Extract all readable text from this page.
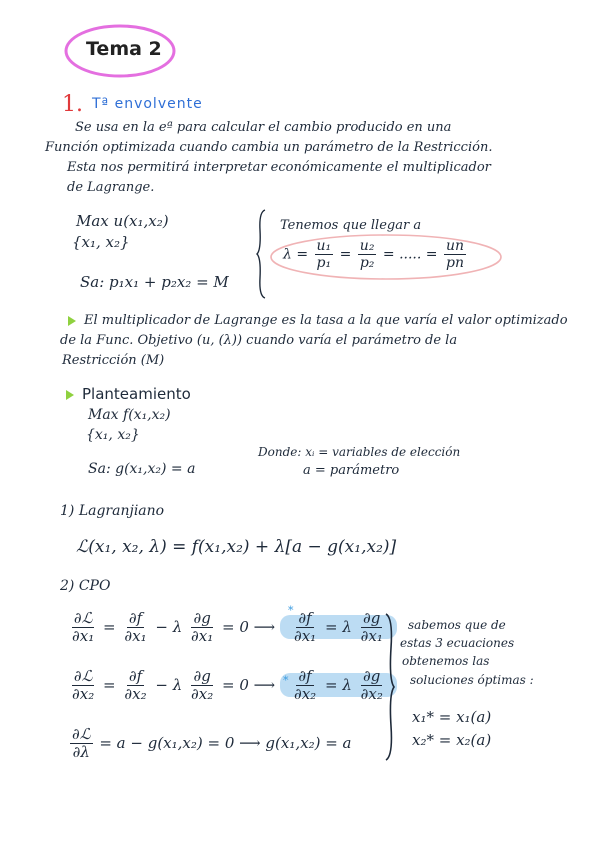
Tema 2
1. Tª envolvente
Se usa en la eª para calcular el cambio producido en una
Función optimizada cuando cambia un parámetro de la Restricción.
Esta nos permitirá interpretar económicamente el multiplicador
de Lagrange.
Max u(x₁,x₂)
{x₁, x₂}
Sa: p₁x₁ + p₂x₂ = M
Tenemos que llegar a
$\lambda = \frac{\text{u₁}}{\text{p₁}} = \frac{\text{u₂}}{\text{p₂}}$ = ..... = $\frac{un}{pn}$
El multiplicador de Lagrange es la tasa a la que varía el valor optimizado
de la Func. Objetivo (u, (λ)) cuando varía el parámetro de la
Restricción (M)
Planteamiento
Max f(x₁,x₂)
{x₁, x₂}
Sa: g(x₁,x₂) = a
Donde: xᵢ = variables de elección
a = parámetro
1) Lagranjiano
ℒ(x₁, x₂, λ) = f(x₁,x₂) + λ[a − g(x₁,x₂)]
2) CPO
$\frac{\text{∂ℒ}}{\text{∂x₁}} = \frac{\partial f}{\text{∂x₁}} - \lambda \frac{\partial g}{\text{∂x₁}} = 0$ ⟶ $\frac{\partial f}{\text{∂x₁}} = \lambda \frac{\partial g}{\text{∂x₁}}$
*
$\frac{\text{∂ℒ}}{\text{∂x₂}} = \frac{\partial f}{\text{∂x₂}} - \lambda \frac{\partial g}{\text{∂x₂}} = 0$ ⟶ $\frac{\partial f}{\text{∂x₂}} = \lambda \frac{\partial g}{\text{∂x₂}}$
*
$\frac{\text{∂ℒ}}{\partial\lambda} = a - g(x_1,x_2) = 0$ ⟶ g(x₁,x₂) = a
sabemos que de
estas 3 ecuaciones
obtenemos las
soluciones óptimas :
x₁* = x₁(a)
x₂* = x₂(a)
